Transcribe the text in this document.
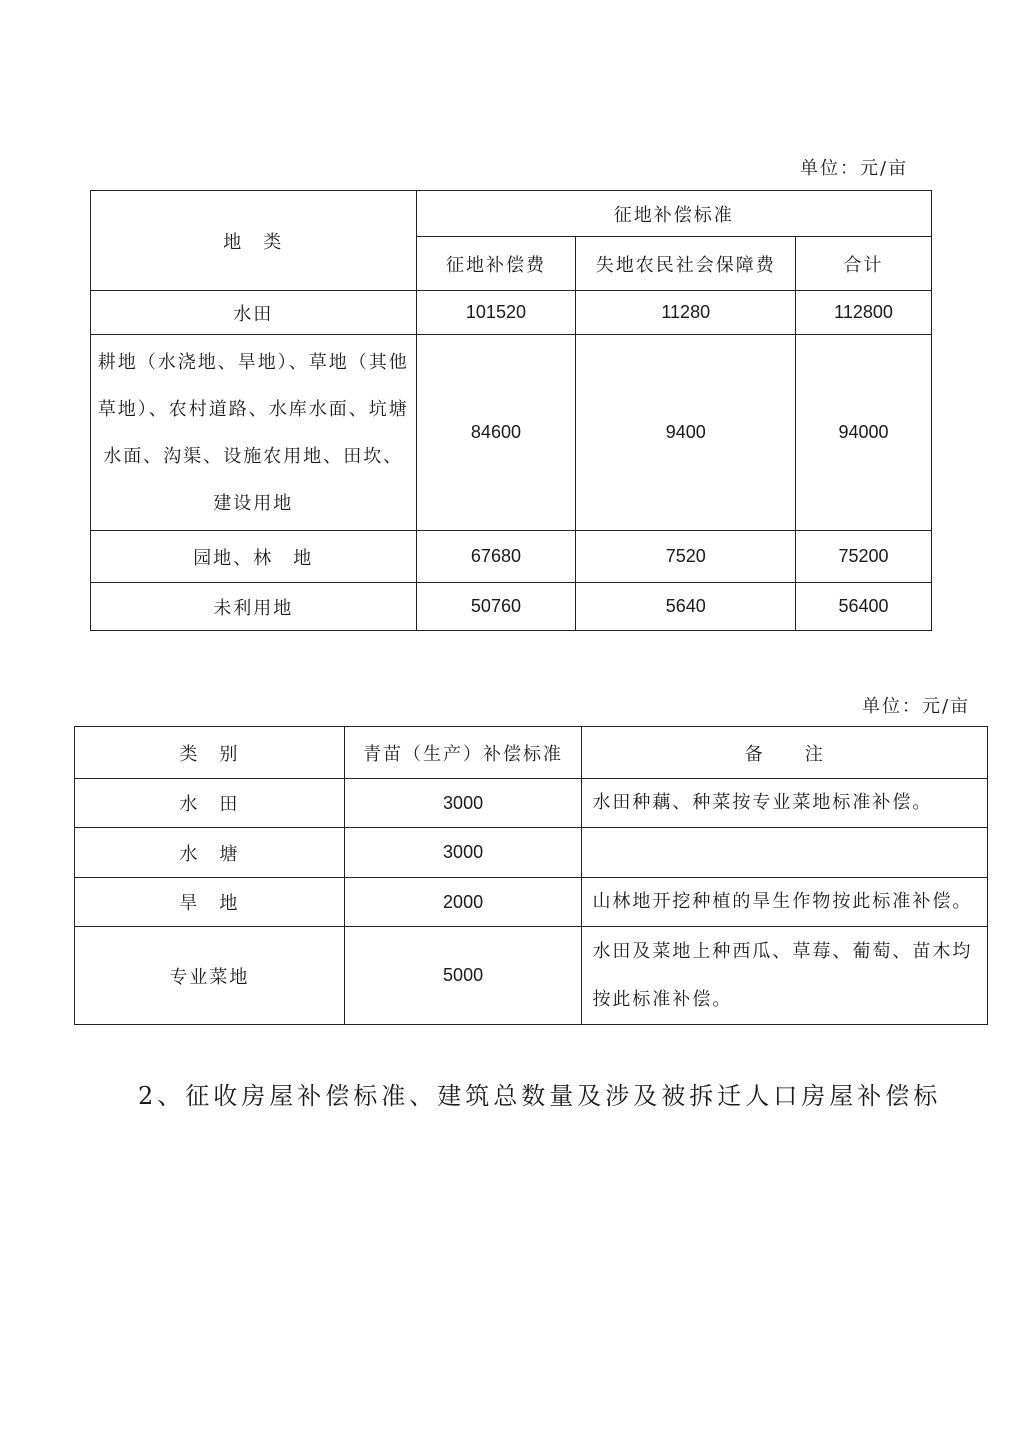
单位：元/亩
地　类	征地补偿标准		
	征地补偿费	失地农民社会保障费	合计
水田	101520	11280	112800
耕地（水浇地、旱地）、草地（其他草地）、农村道路、水库水面、坑塘水面、沟渠、设施农用地、田坎、建设用地	84600	9400	94000
园地、林　地	67680	7520	75200
未利用地	50760	5640	56400
单位：元/亩
类　别	青苗（生产）补偿标准	备　　注
水　田	3000	水田种藕、种菜按专业菜地标准补偿。
水　塘	3000	
旱　地	2000	山林地开挖种植的旱生作物按此标准补偿。
专业菜地	5000	水田及菜地上种西瓜、草莓、葡萄、苗木均按此标准补偿。
2、征收房屋补偿标准、建筑总数量及涉及被拆迁人口房屋补偿标
